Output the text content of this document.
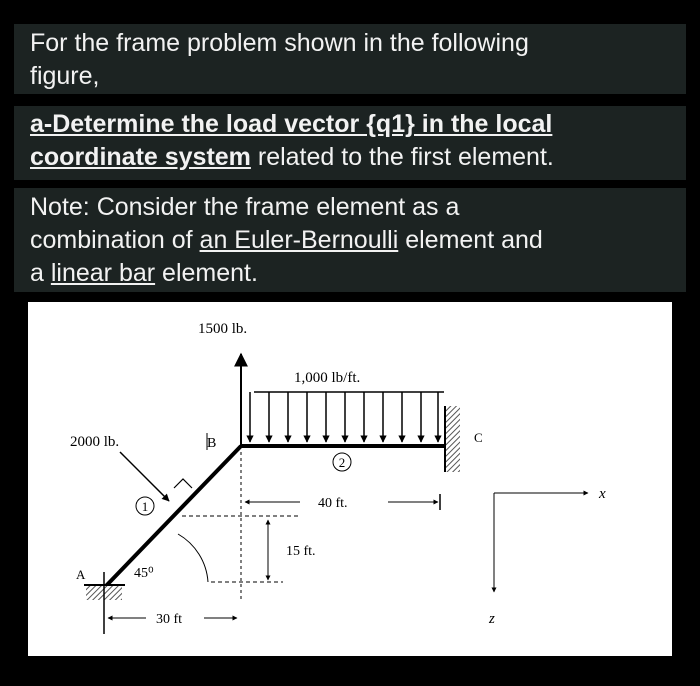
For the frame problem shown in the following
figure,
a-Determine the load vector {q1} in the local
coordinate system related to the first element.
Note: Consider the frame element as a
combination of an Euler-Bernoulli element and
a linear bar element.
1500 lb.
1,000 lb/ft.
B	C
A
2
1
2000 lb.
45⁰
40 ft.
15 ft.
30 ft
x
z
